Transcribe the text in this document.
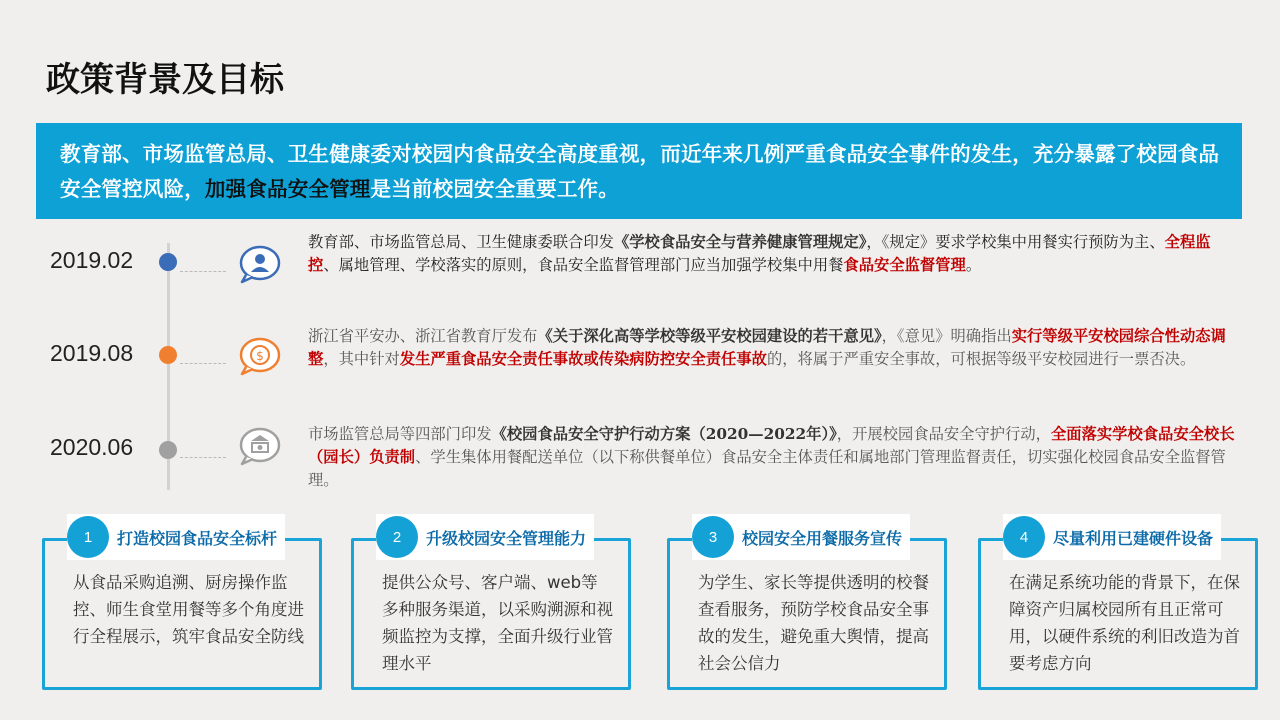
政策背景及目标

教育部、市场监管总局、卫生健康委对校园内食品安全高度重视，而近年来几例严重食品安全事件的发生，充分暴露了校园食品安全管控风险，加强食品安全管理是当前校园安全重要工作。

2019.02
教育部、市场监管总局、卫生健康委联合印发《学校食品安全与营养健康管理规定》，《规定》要求学校集中用餐实行预防为主、全程监控、属地管理、学校落实的原则，食品安全监督管理部门应当加强学校集中用餐食品安全监督管理。
2019.08	$
浙江省平安办、浙江省教育厅发布《关于深化高等学校等级平安校园建设的若干意见》，《意见》明确指出实行等级平安校园综合性动态调整，其中针对发生严重食品安全责任事故或传染病防控安全责任事故的，将属于严重安全事故，可根据等级平安校园进行一票否决。
2020.06	市场监管总局等四部门印发《校园食品安全守护行动方案（2020—2022年）》，开展校园食品安全守护行动，全面落实学校食品安全校长（园长）负责制、学生集体用餐配送单位（以下称供餐单位）食品安全主体责任和属地部门管理监督责任，切实强化校园食品安全监督管理。
1	打造校园食品安全标杆
从食品采购追溯、厨房操作监控、师生食堂用餐等多个角度进行全程展示，筑牢食品安全防线
2	升级校园安全管理能力
提供公众号、客户端、web等多种服务渠道，以采购溯源和视频监控为支撑，全面升级行业管理水平
3	校园安全用餐服务宣传
为学生、家长等提供透明的校餐查看服务，预防学校食品安全事故的发生，避免重大舆情，提高社会公信力
4	尽量利用已建硬件设备
在满足系统功能的背景下，在保障资产归属校园所有且正常可用，以硬件系统的利旧改造为首要考虑方向
